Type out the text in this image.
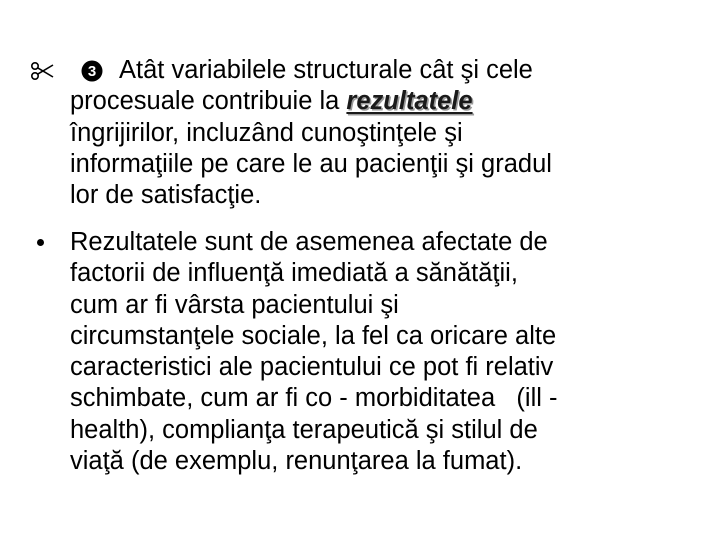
3 Atât variabilele structurale cât şi cele
procesuale contribuie la rezultatele
îngrijirilor, incluzând cunoştinţele şi
informaţiile pe care le au pacienţii şi gradul
lor de satisfacţie.
Rezultatele sunt de asemenea afectate de
factorii de influenţă imediată a sănătăţii,
cum ar fi vârsta pacientului şi
circumstanţele sociale, la fel ca oricare alte
caracteristici ale pacientului ce pot fi relativ
schimbate, cum ar fi co - morbiditatea   (ill -
health), complianţa terapeutică şi stilul de
viaţă (de exemplu, renunţarea la fumat).
